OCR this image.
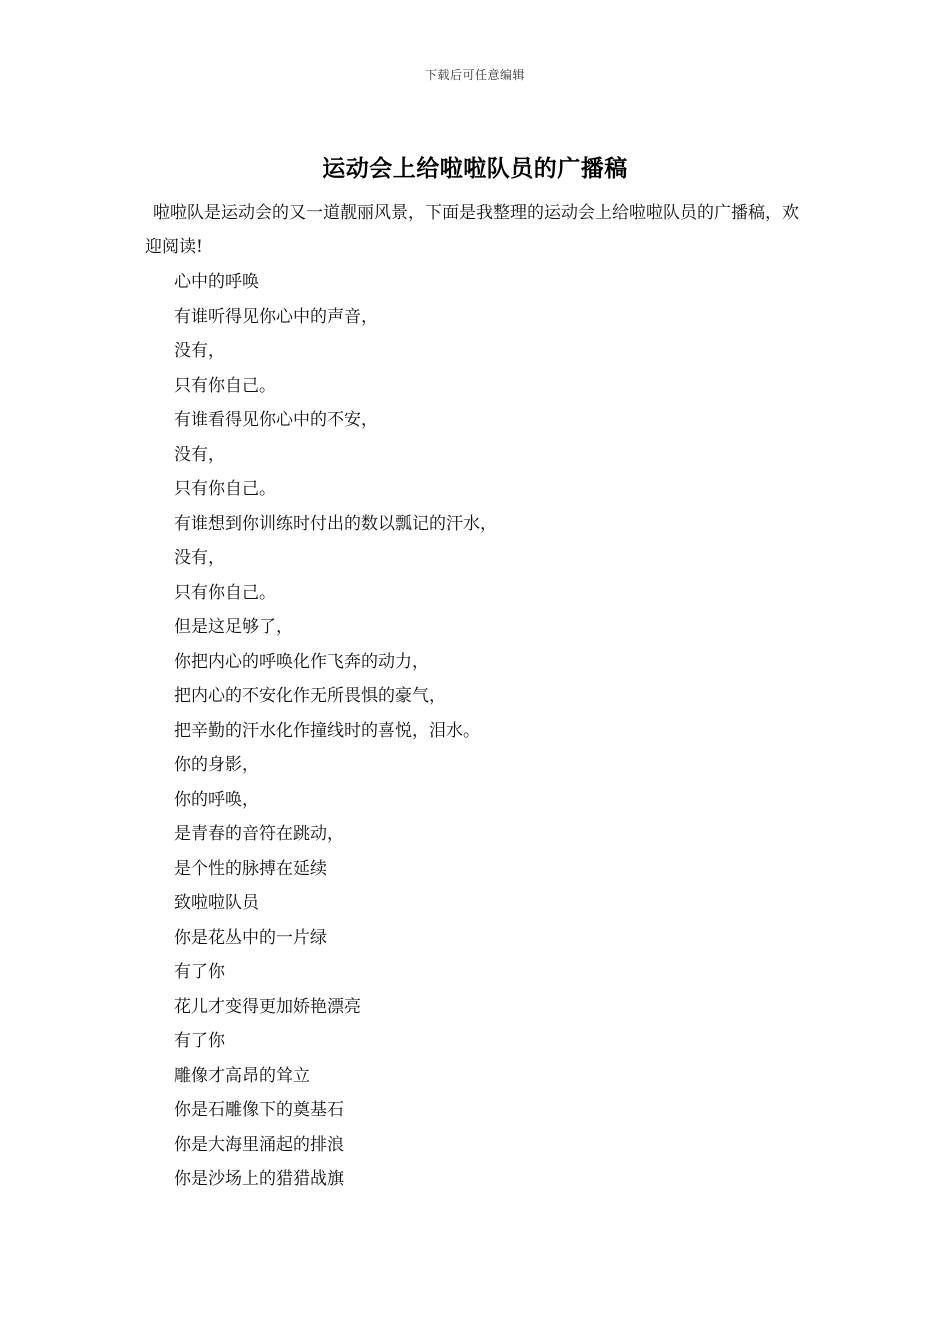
下载后可任意编辑
运动会上给啦啦队员的广播稿

啦啦队是运动会的又一道靓丽风景，下面是我整理的运动会上给啦啦队员的广播稿，欢迎阅读!

心中的呼唤
有谁听得见你心中的声音，
没有，
只有你自己。
有谁看得见你心中的不安，
没有，
只有你自己。
有谁想到你训练时付出的数以瓢记的汗水，
没有，
只有你自己。
但是这足够了，
你把内心的呼唤化作飞奔的动力，
把内心的不安化作无所畏惧的豪气，
把辛勤的汗水化作撞线时的喜悦，泪水。
你的身影，
你的呼唤，
是青春的音符在跳动，
是个性的脉搏在延续
致啦啦队员
你是花丛中的一片绿
有了你
花儿才变得更加娇艳漂亮
有了你
雕像才高昂的耸立
你是石雕像下的奠基石
你是大海里涌起的排浪
你是沙场上的猎猎战旗
